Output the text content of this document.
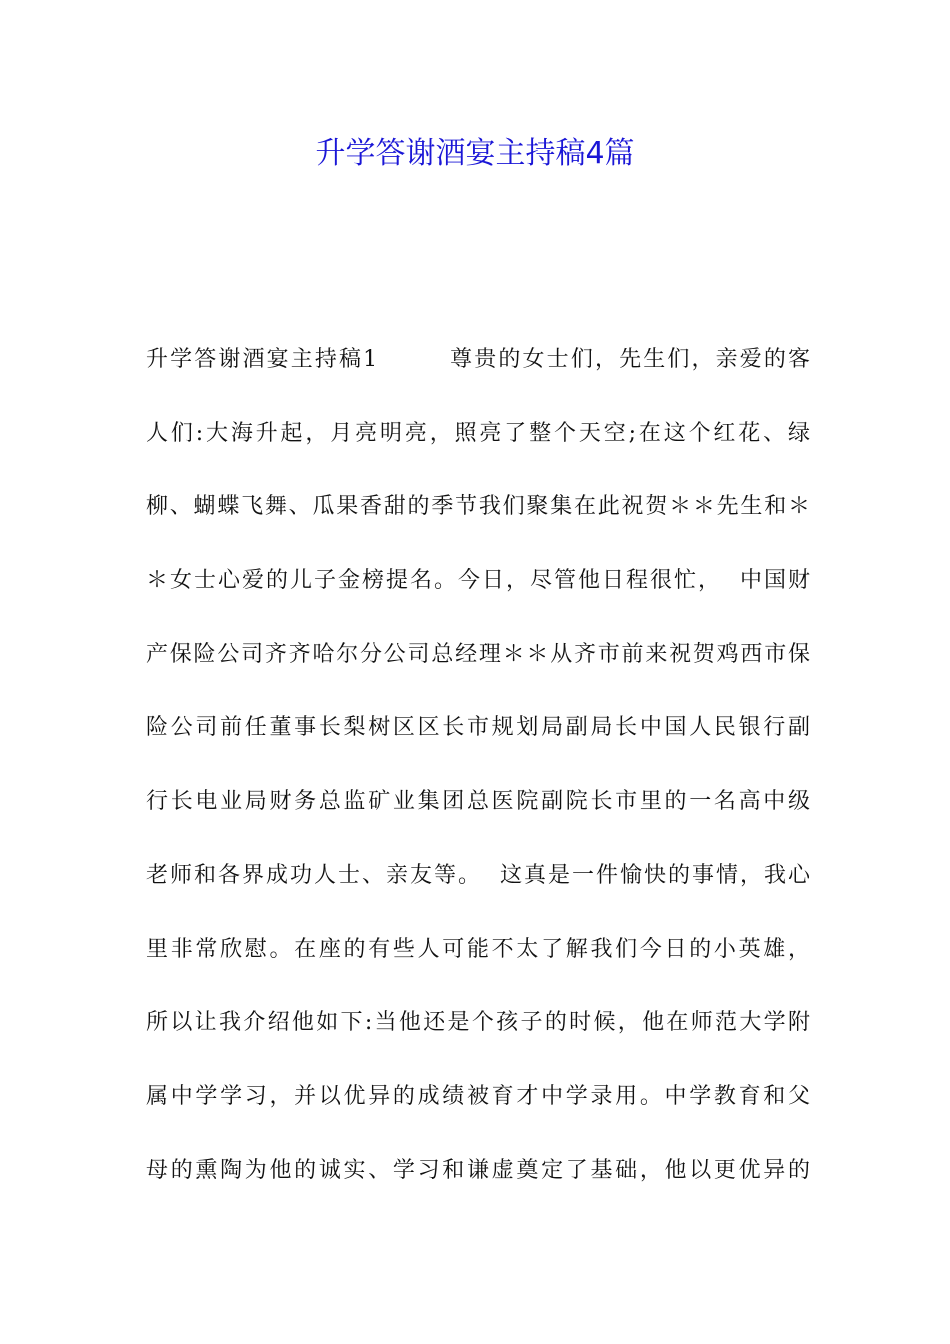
升学答谢酒宴主持稿4篇
升学答谢酒宴主持稿1        尊贵的女士们，先生们，亲爱的客
人们:大海升起，月亮明亮，照亮了整个天空;在这个红花、绿
柳、蝴蝶飞舞、瓜果香甜的季节我们聚集在此祝贺＊＊先生和＊
＊女士心爱的儿子金榜提名。今日，尽管他日程很忙，  中国财
产保险公司齐齐哈尔分公司总经理＊＊从齐市前来祝贺鸡西市保
险公司前任董事长梨树区区长市规划局副局长中国人民银行副
行长电业局财务总监矿业集团总医院副院长市里的一名高中级
老师和各界成功人士、亲友等。  这真是一件愉快的事情，我心
里非常欣慰。在座的有些人可能不太了解我们今日的小英雄，
所以让我介绍他如下:当他还是个孩子的时候，他在师范大学附
属中学学习，并以优异的成绩被育才中学录用。中学教育和父
母的熏陶为他的诚实、学习和谦虚奠定了基础，他以更优异的
